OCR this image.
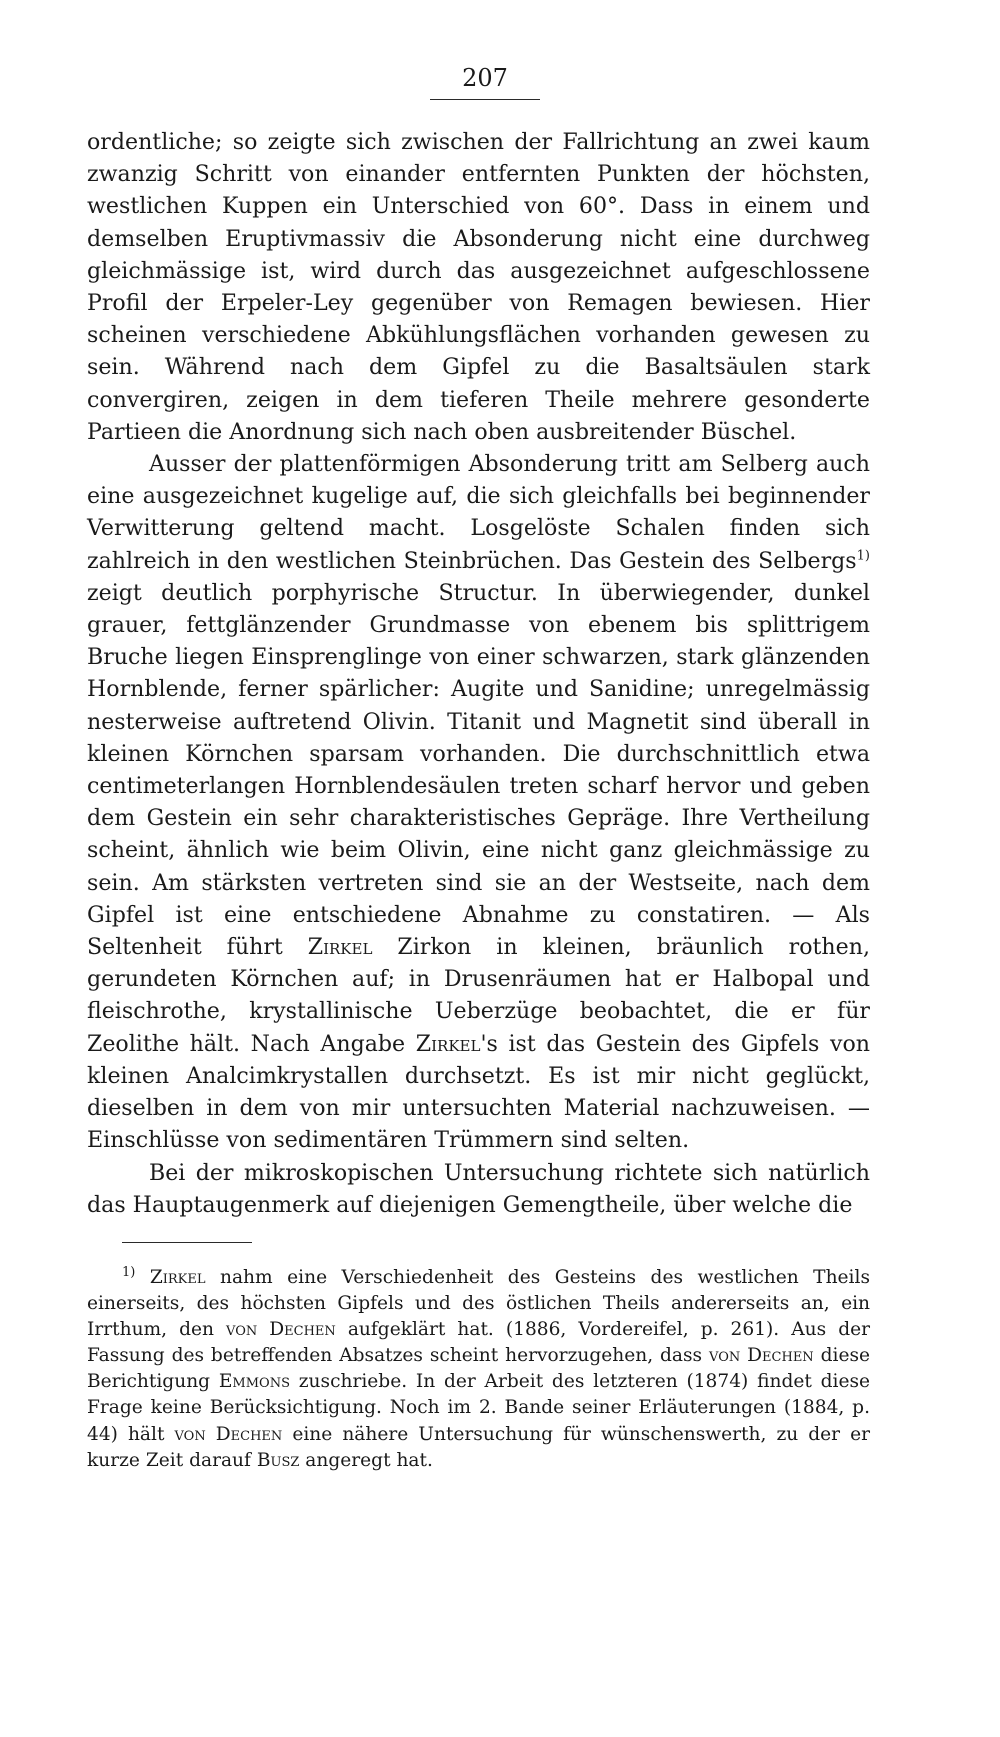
207

ordentliche; so zeigte sich zwischen der Fallrichtung an zwei kaum zwanzig Schritt von einander entfernten Punkten der höchsten, westlichen Kuppen ein Unterschied von 60°. Dass in einem und demselben Eruptivmassiv die Absonderung nicht eine durchweg gleichmässige ist, wird durch das ausgezeichnet aufgeschlossene Profil der Erpeler-Ley gegenüber von Remagen bewiesen. Hier scheinen verschiedene Abkühlungsflächen vorhanden gewesen zu sein. Während nach dem Gipfel zu die Basaltsäulen stark convergiren, zeigen in dem tieferen Theile mehrere gesonderte Partieen die Anordnung sich nach oben ausbreitender Büschel.

Ausser der plattenförmigen Absonderung tritt am Selberg auch eine ausgezeichnet kugelige auf, die sich gleichfalls bei beginnender Verwitterung geltend macht. Losgelöste Schalen finden sich zahlreich in den westlichen Steinbrüchen. Das Gestein des Selbergs$^{1)}$ zeigt deutlich porphyrische Structur. In überwiegender, dunkel grauer, fettglänzender Grundmasse von ebenem bis splittrigem Bruche liegen Einsprenglinge von einer schwarzen, stark glänzenden Hornblende, ferner spärlicher: Augite und Sanidine; unregelmässig nesterweise auftretend Olivin. Titanit und Magnetit sind überall in kleinen Körnchen sparsam vorhanden. Die durchschnittlich etwa centimeterlangen Hornblendesäulen treten scharf hervor und geben dem Gestein ein sehr charakteristisches Gepräge. Ihre Vertheilung scheint, ähnlich wie beim Olivin, eine nicht ganz gleichmässige zu sein. Am stärksten vertreten sind sie an der Westseite, nach dem Gipfel ist eine entschiedene Abnahme zu constatiren. — Als Seltenheit führt Zirkel Zirkon in kleinen, bräunlich rothen, gerundeten Körnchen auf; in Drusenräumen hat er Halbopal und fleischrothe, krystallinische Ueberzüge beobachtet, die er für Zeolithe hält. Nach Angabe Zirkel's ist das Gestein des Gipfels von kleinen Analcimkrystallen durchsetzt. Es ist mir nicht geglückt, dieselben in dem von mir untersuchten Material nachzuweisen. — Einschlüsse von sedimentären Trümmern sind selten.

Bei der mikroskopischen Untersuchung richtete sich natürlich das Hauptaugenmerk auf diejenigen Gemengtheile, über welche die

$^{1)}$ Zirkel nahm eine Verschiedenheit des Gesteins des westlichen Theils einerseits, des höchsten Gipfels und des östlichen Theils andererseits an, ein Irrthum, den von Dechen aufgeklärt hat. (1886, Vordereifel, p. 261). Aus der Fassung des betreffenden Absatzes scheint hervorzugehen, dass von Dechen diese Berichtigung Emmons zuschriebe. In der Arbeit des letzteren (1874) findet diese Frage keine Berücksichtigung. Noch im 2. Bande seiner Erläuterungen (1884, p. 44) hält von Dechen eine nähere Untersuchung für wünschenswerth, zu der er kurze Zeit darauf Busz angeregt hat.
